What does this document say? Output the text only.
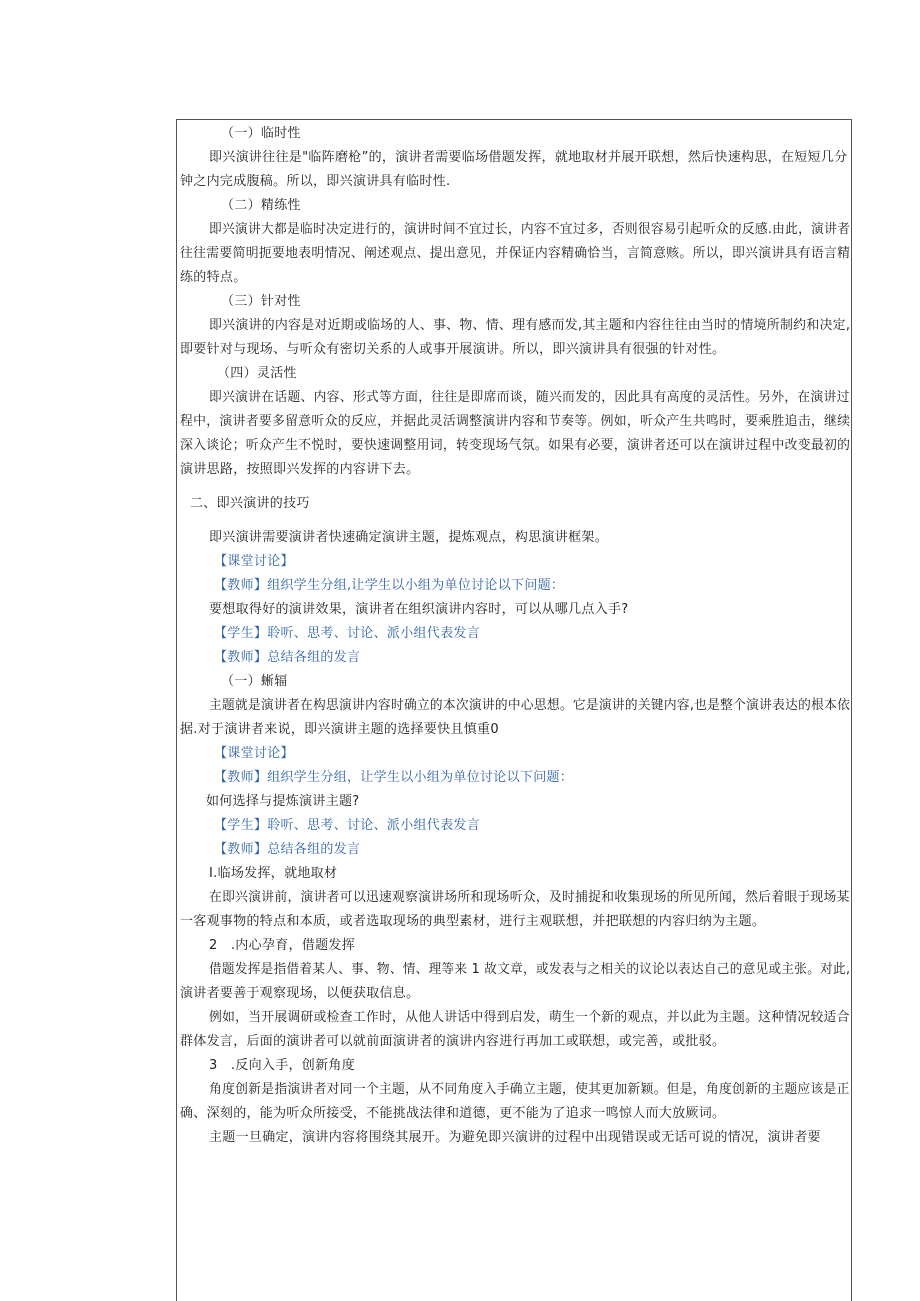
（一）临时性
即兴演讲往往是"临阵磨枪”的，演讲者需要临场借题发挥，就地取材并展开联想，然后快速构思，在短短几分
钟之内完成腹稿。所以，即兴演讲具有临时性.
（二）精练性
即兴演讲大都是临时决定进行的，演讲时间不宜过长，内容不宜过多，否则很容易引起听众的反感.由此，演讲者
往往需要简明扼要地表明情况、阐述观点、提出意见，并保证内容精确恰当，言简意赅。所以，即兴演讲具有语言精
练的特点。
（三）针对性
即兴演讲的内容是对近期或临场的人、事、物、情、理有感而发,其主题和内容往往由当时的情境所制约和决定,
即要针对与现场、与听众有密切关系的人或事开展演讲。所以，即兴演讲具有很强的针对性。
（四）灵活性
即兴演讲在话题、内容、形式等方面，往往是即席而谈，随兴而发的，因此具有高度的灵活性。另外，在演讲过
程中，演讲者要多留意听众的反应，并据此灵活调整演讲内容和节奏等。例如，听众产生共鸣时，要乘胜追击，继续
深入谈论；听众产生不悦时，要快速调整用词，转变现场气氛。如果有必要，演讲者还可以在演讲过程中改变最初的
演讲思路，按照即兴发挥的内容讲下去。
二、即兴演讲的技巧
即兴演讲需要演讲者快速确定演讲主题，提炼观点，构思演讲框架。
【课堂讨论】
【教师】组织学生分组,让学生以小组为单位讨论以下问题：
要想取得好的演讲效果，演讲者在组织演讲内容时，可以从哪几点入手?
【学生】聆听、思考、讨论、派小组代表发言
【教师】总结各组的发言
（一）蜥辐
主题就是演讲者在构思演讲内容时确立的本次演讲的中心思想。它是演讲的关键内容,也是整个演讲表达的根本依
据.对于演讲者来说，即兴演讲主题的选择要快且慎重0
【课堂讨论】
【教师】组织学生分组，让学生以小组为单位讨论以下问题：
如何选择与提炼演讲主题?
【学生】聆听、思考、讨论、派小组代表发言
【教师】总结各组的发言
I.临场发挥，就地取材
在即兴演讲前，演讲者可以迅速观察演讲场所和现场听众，及时捕捉和收集现场的所见所闻，然后着眼于现场某
一客观事物的特点和本质，或者选取现场的典型素材，进行主观联想，并把联想的内容归纳为主题。
2　.内心孕育，借题发挥
借题发挥是指借着某人、事、物、情、理等来 1 故文章，或发表与之相关的议论以表达自己的意见或主张。对此,
演讲者要善于观察现场，以便获取信息。
例如，当开展调研或检查工作时，从他人讲话中得到启发，萌生一个新的观点，并以此为主题。这种情况较适合
群体发言，后面的演讲者可以就前面演讲者的演讲内容进行再加工或联想，或完善，或批驳。
3　.反向入手，创新角度
角度创新是指演讲者对同一个主题，从不同角度入手确立主题，使其更加新颖。但是，角度创新的主题应该是正
确、深刻的，能为听众所接受，不能挑战法律和道德，更不能为了追求一鸣惊人而大放厥词。
主题一旦确定，演讲内容将围绕其展开。为避免即兴演讲的过程中出现错误或无话可说的情况，演讲者要
